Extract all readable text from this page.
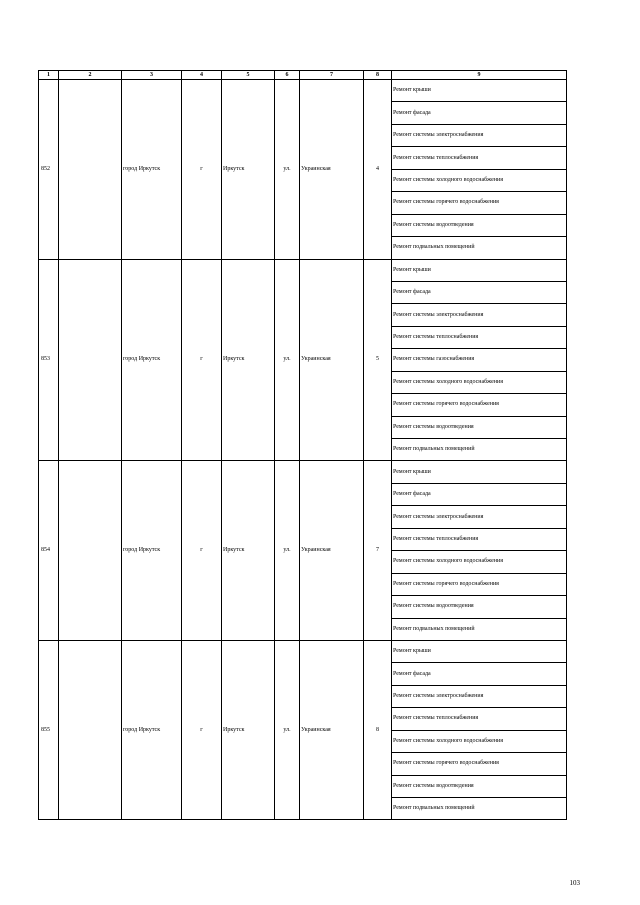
1	2	3	4	5	6	7	8	9
852		город Иркутск	г	Иркутск	ул.	Украинская	4	Ремонт крыши
								Ремонт фасада
								Ремонт системы электроснабжения
								Ремонт системы теплоснабжения
								Ремонт системы холодного водоснабжения
								Ремонт системы горячего водоснабжения
								Ремонт системы водоотведения
								Ремонт подвальных помещений
853		город Иркутск	г	Иркутск	ул.	Украинская	5	Ремонт крыши
								Ремонт фасада
								Ремонт системы электроснабжения
								Ремонт системы теплоснабжения
								Ремонт системы газоснабжения
								Ремонт системы холодного водоснабжения
								Ремонт системы горячего водоснабжения
								Ремонт системы водоотведения
								Ремонт подвальных помещений
854		город Иркутск	г	Иркутск	ул.	Украинская	7	Ремонт крыши
								Ремонт фасада
								Ремонт системы электроснабжения
								Ремонт системы теплоснабжения
								Ремонт системы холодного водоснабжения
								Ремонт системы горячего водоснабжения
								Ремонт системы водоотведения
								Ремонт подвальных помещений
855		город Иркутск	г	Иркутск	ул.	Украинская	8	Ремонт крыши
								Ремонт фасада
								Ремонт системы электроснабжения
								Ремонт системы теплоснабжения
								Ремонт системы холодного водоснабжения
								Ремонт системы горячего водоснабжения
								Ремонт системы водоотведения
								Ремонт подвальных помещений
103
